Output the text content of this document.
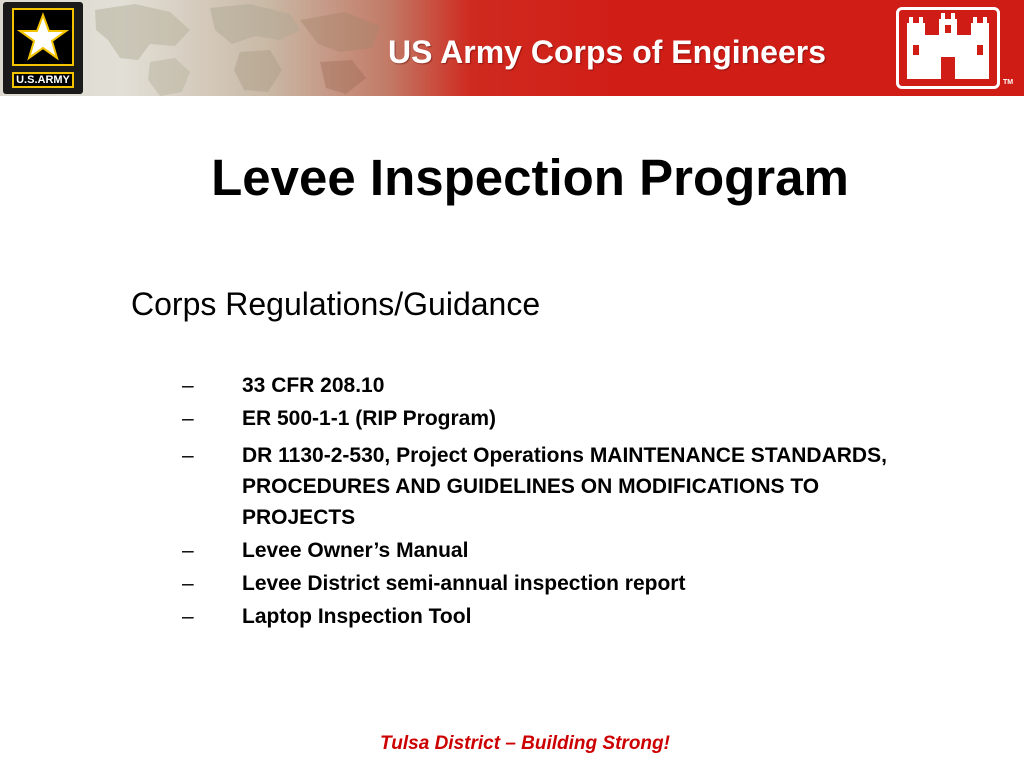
U.S.ARMY
US Army Corps of Engineers
TM
Levee Inspection Program
Corps Regulations/Guidance
– 33 CFR 208.10
– ER 500-1-1 (RIP Program)
– DR 1130-2-530, Project Operations MAINTENANCE STANDARDS, PROCEDURES AND GUIDELINES ON MODIFICATIONS TO PROJECTS
– Levee Owner’s Manual
– Levee District semi-annual inspection report
– Laptop Inspection Tool
Tulsa District – Building Strong!
